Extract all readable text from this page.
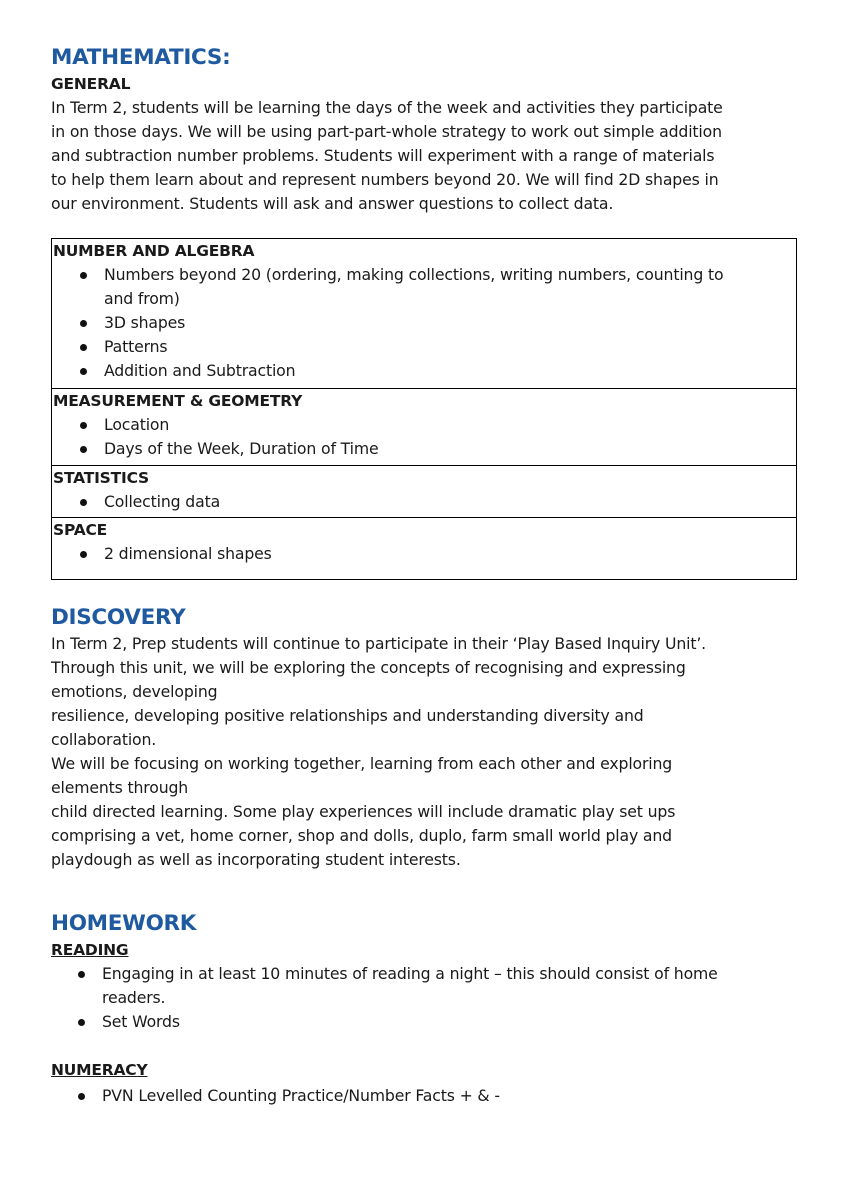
MATHEMATICS:
GENERAL
In Term 2, students will be learning the days of the week and activities they participate
in on those days. We will be using part-part-whole strategy to work out simple addition
and subtraction number problems. Students will experiment with a range of materials
to help them learn about and represent numbers beyond 20. We will find 2D shapes in
our environment. Students will ask and answer questions to collect data.
NUMBER AND ALGEBRA
Numbers beyond 20 (ordering, making collections, writing numbers, counting to
and from)
3D shapes
Patterns
Addition and Subtraction
MEASUREMENT & GEOMETRY
Location
Days of the Week, Duration of Time
STATISTICS
Collecting data
SPACE
2 dimensional shapes
DISCOVERY
In Term 2, Prep students will continue to participate in their ‘Play Based Inquiry Unit’.
Through this unit, we will be exploring the concepts of recognising and expressing
emotions, developing
resilience, developing positive relationships and understanding diversity and
collaboration.
We will be focusing on working together, learning from each other and exploring
elements through
child directed learning. Some play experiences will include dramatic play set ups
comprising a vet, home corner, shop and dolls, duplo, farm small world play and
playdough as well as incorporating student interests.
HOMEWORK
READING
Engaging in at least 10 minutes of reading a night – this should consist of home
readers.
Set Words
NUMERACY
PVN Levelled Counting Practice/Number Facts + & -
